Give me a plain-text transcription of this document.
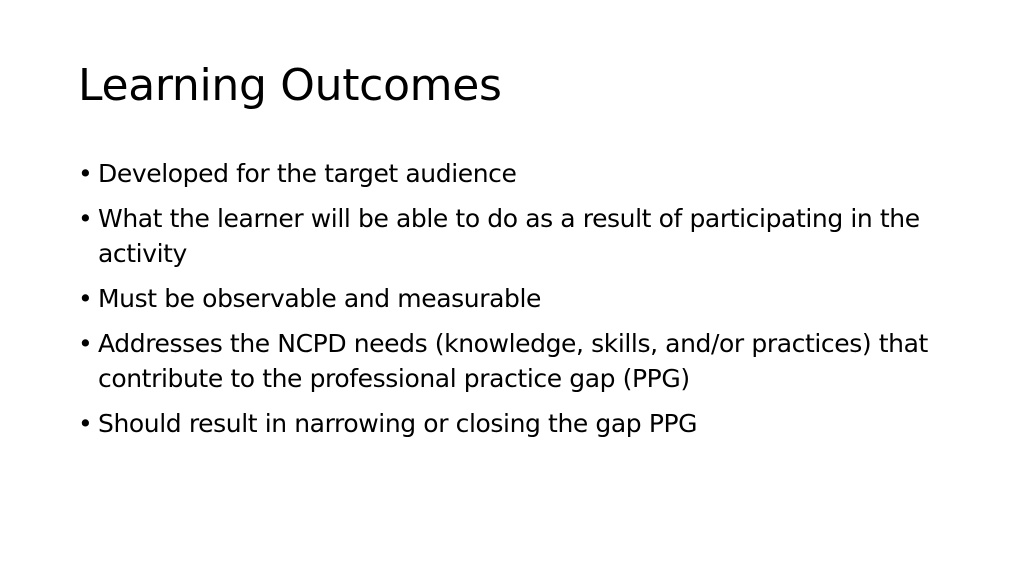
Learning Outcomes
• Developed for the target audience
• What the learner will be able to do as a result of participating in the activity
• Must be observable and measurable
• Addresses the NCPD needs (knowledge, skills, and/or practices) that contribute to the professional practice gap (PPG)
• Should result in narrowing or closing the gap PPG
